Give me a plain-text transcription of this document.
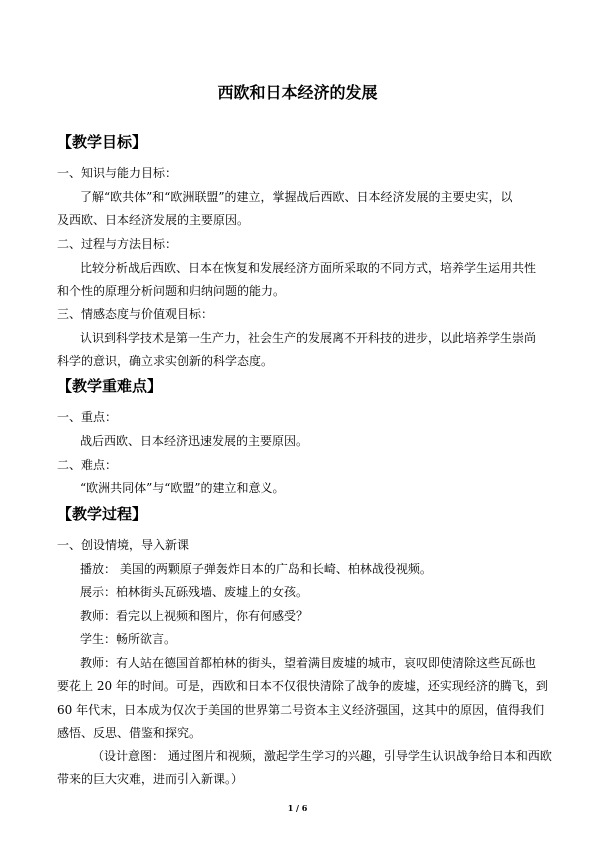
西欧和日本经济的发展
【教学目标】
一、知识与能力目标：
了解“欧共体”和“欧洲联盟”的建立，掌握战后西欧、日本经济发展的主要史实，以
及西欧、日本经济发展的主要原因。
二、过程与方法目标：
比较分析战后西欧、日本在恢复和发展经济方面所采取的不同方式，培养学生运用共性
和个性的原理分析问题和归纳问题的能力。
三、情感态度与价值观目标：
认识到科学技术是第一生产力，社会生产的发展离不开科技的进步，以此培养学生崇尚
科学的意识，确立求实创新的科学态度。
【教学重难点】
一、重点：
战后西欧、日本经济迅速发展的主要原因。
二、难点：
“欧洲共同体”与“欧盟”的建立和意义。
【教学过程】
一、创设情境，导入新课
播放： 美国的两颗原子弹轰炸日本的广岛和长崎、柏林战役视频。
展示：柏林街头瓦砾残墙、废墟上的女孩。
教师：看完以上视频和图片，你有何感受？
学生：畅所欲言。
教师：有人站在德国首都柏林的街头，望着满目废墟的城市，哀叹即使清除这些瓦砾也
要花上 20 年的时间。可是，西欧和日本不仅很快清除了战争的废墟，还实现经济的腾飞，到
60 年代末，日本成为仅次于美国的世界第二号资本主义经济强国，这其中的原因，值得我们
感悟、反思、借鉴和探究。
（设计意图： 通过图片和视频，激起学生学习的兴趣，引导学生认识战争给日本和西欧
带来的巨大灾难，进而引入新课。）
1 / 6
